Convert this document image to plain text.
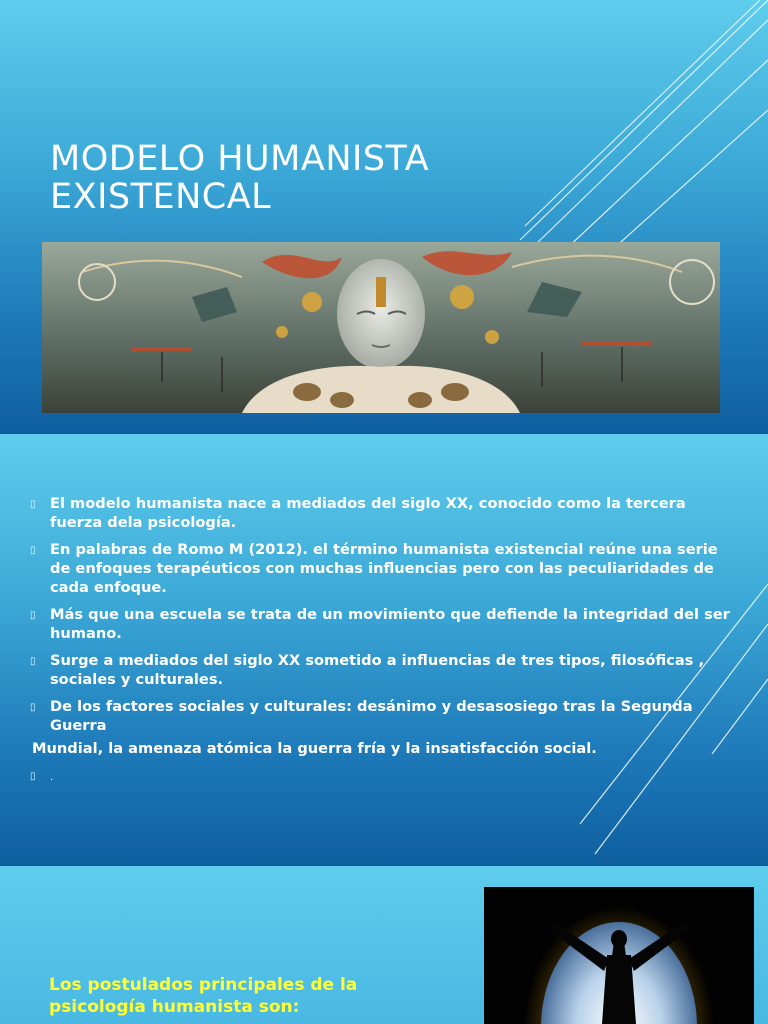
MODELO HUMANISTA
EXISTENCAL
▯ El modelo humanista nace a mediados del siglo XX, conocido como la tercera fuerza dela psicología.
▯ En palabras de Romo M (2012). el término humanista existencial reúne una serie de enfoques terapéuticos con muchas influencias pero con las peculiaridades de cada enfoque.
▯ Más que una escuela se trata de un movimiento que defiende la integridad del ser humano.
▯ Surge a mediados del siglo XX sometido a influencias de tres tipos, filosóficas , sociales y culturales.
▯ De los factores sociales y culturales: desánimo y desasosiego tras la Segunda Guerra
Mundial, la amenaza atómica la guerra fría y la insatisfacción social.
▯ .
Los postulados principales de la
psicología humanista son:
